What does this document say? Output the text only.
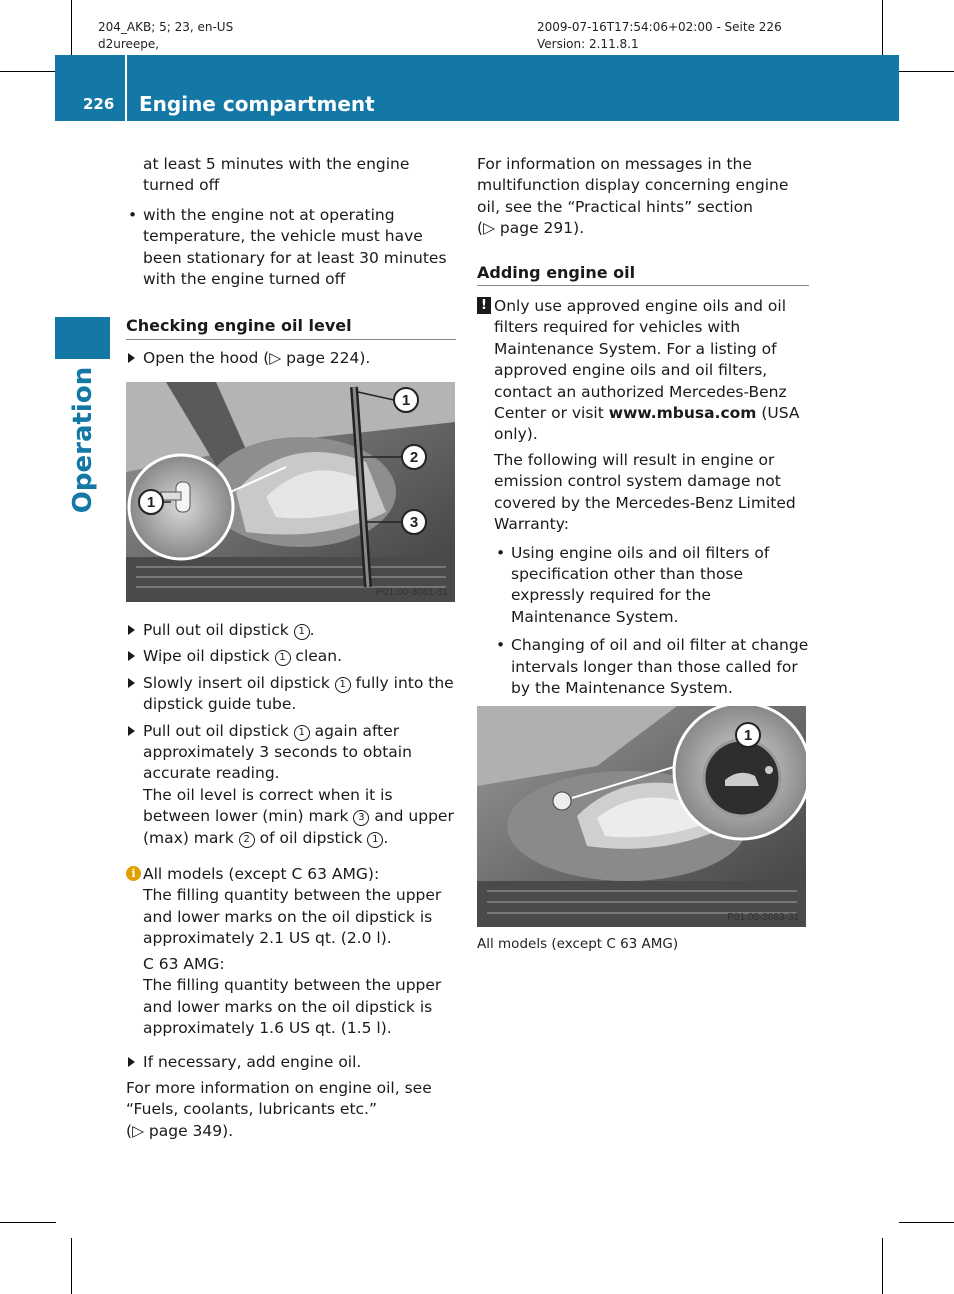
204_AKB; 5; 23, en-US
d2ureepe,
2009-07-16T17:54:06+02:00 - Seite 226
Version: 2.11.8.1
226 Engine compartment
Operation

at least 5 minutes with the engine turned off

• with the engine not at operating temperature, the vehicle must have been stationary for at least 30 minutes with the engine turned off

Checking engine oil level

Open the hood (▷ page 224).

1
2
3
1
P01.00-3081-31

Pull out oil dipstick 1 .

Wipe oil dipstick 1 clean.

Slowly insert oil dipstick 1 fully into the dipstick guide tube.

Pull out oil dipstick 1 again after approximately 3 seconds to obtain accurate reading.
The oil level is correct when it is between lower (min) mark 3 and upper (max) mark 2 of oil dipstick 1 .

i All models (except C 63 AMG):

The filling quantity between the upper and lower marks on the oil dipstick is approximately 2.1 US qt. (2.0 l).

C 63 AMG:

The filling quantity between the upper and lower marks on the oil dipstick is approximately 1.6 US qt. (1.5 l).

If necessary, add engine oil.

For more information on engine oil, see “Fuels, coolants, lubricants etc.”
(▷ page 349).

For information on messages in the multifunction display concerning engine oil, see the “Practical hints” section
(▷ page 291).

Adding engine oil

! Only use approved engine oils and oil filters required for vehicles with Maintenance System. For a listing of approved engine oils and oil filters, contact an authorized Mercedes-Benz Center or visit www.mbusa.com (USA only).

The following will result in engine or emission control system damage not covered by the Mercedes-Benz Limited Warranty:

• Using engine oils and oil filters of specification other than those expressly required for the Maintenance System.

• Changing of oil and oil filter at change intervals longer than those called for by the Maintenance System.

1
P01.00-3083-31
All models (except C 63 AMG)
